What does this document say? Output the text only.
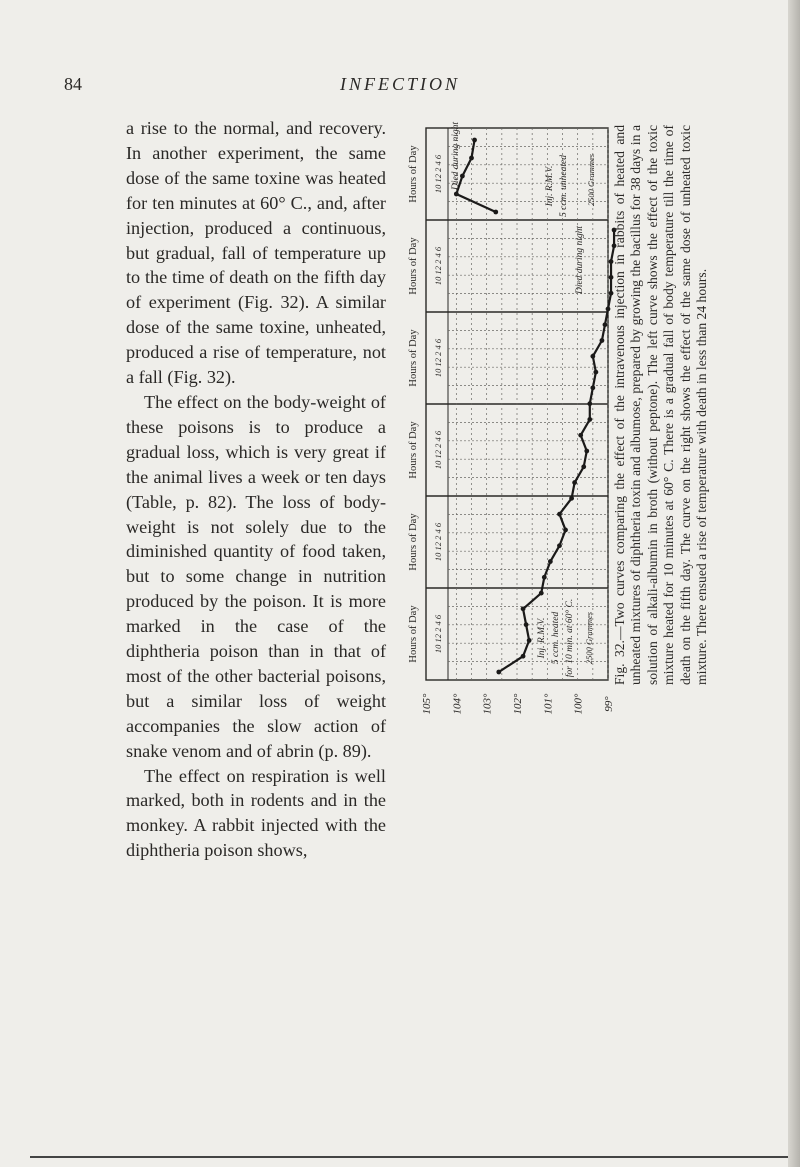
84	INFECTION

a rise to the normal, and recovery. In another experiment, the same dose of the same toxine was heated for ten minutes at 60° C., and, after injection, produced a continuous, but gradual, fall of temperature up to the time of death on the fifth day of experiment (Fig. 32). A similar dose of the same toxine, unheated, produced a rise of temperature, not a fall (Fig. 32).

The effect on the body-weight of these poisons is to produce a gradual loss, which is very great if the animal lives a week or ten days (Table, p. 82). The loss of body-weight is not solely due to the diminished quantity of food taken, but to some change in nutrition produced by the poison. It is more marked in the case of the diphtheria poison than in that of most of the other bacterial poisons, but a similar loss of weight accompanies the slow action of snake venom and of abrin (p. 89).

The effect on respiration is well marked, both in rodents and in the monkey. A rabbit injected with the diphtheria poison shows,

10 12 2 4 6
Hours of Day
10 12 2 4 6
Hours of Day
10 12 2 4 6
Hours of Day
10 12 2 4 6
Hours of Day
10 12 2 4 6
Hours of Day
10 12 2 4 6
Hours of Day
105° 104° 103° 102° 101° 100° 99°
Inj. R.M.V. 5 ccm. heated for 10 min. at 60° C. 2500 Grammes
Inj. R.M.V. 5 ccm. unheated 2500 Grammes
Died during night
Died during night Fig. 32.—Two curves comparing the effect of the intravenous injection in rabbits of heated and unheated mixtures of diphtheria toxin and albumose, prepared by growing the bacillus for 38 days in a solution of alkali-albumin in broth (without peptone). The left curve shows the effect of the toxic mixture heated for 10 minutes at 60° C. There is a gradual fall of body temperature till the time of death on the fifth day. The curve on the right shows the effect of the same dose of unheated toxic mixture. There ensued a rise of temperature with death in less than 24 hours.
